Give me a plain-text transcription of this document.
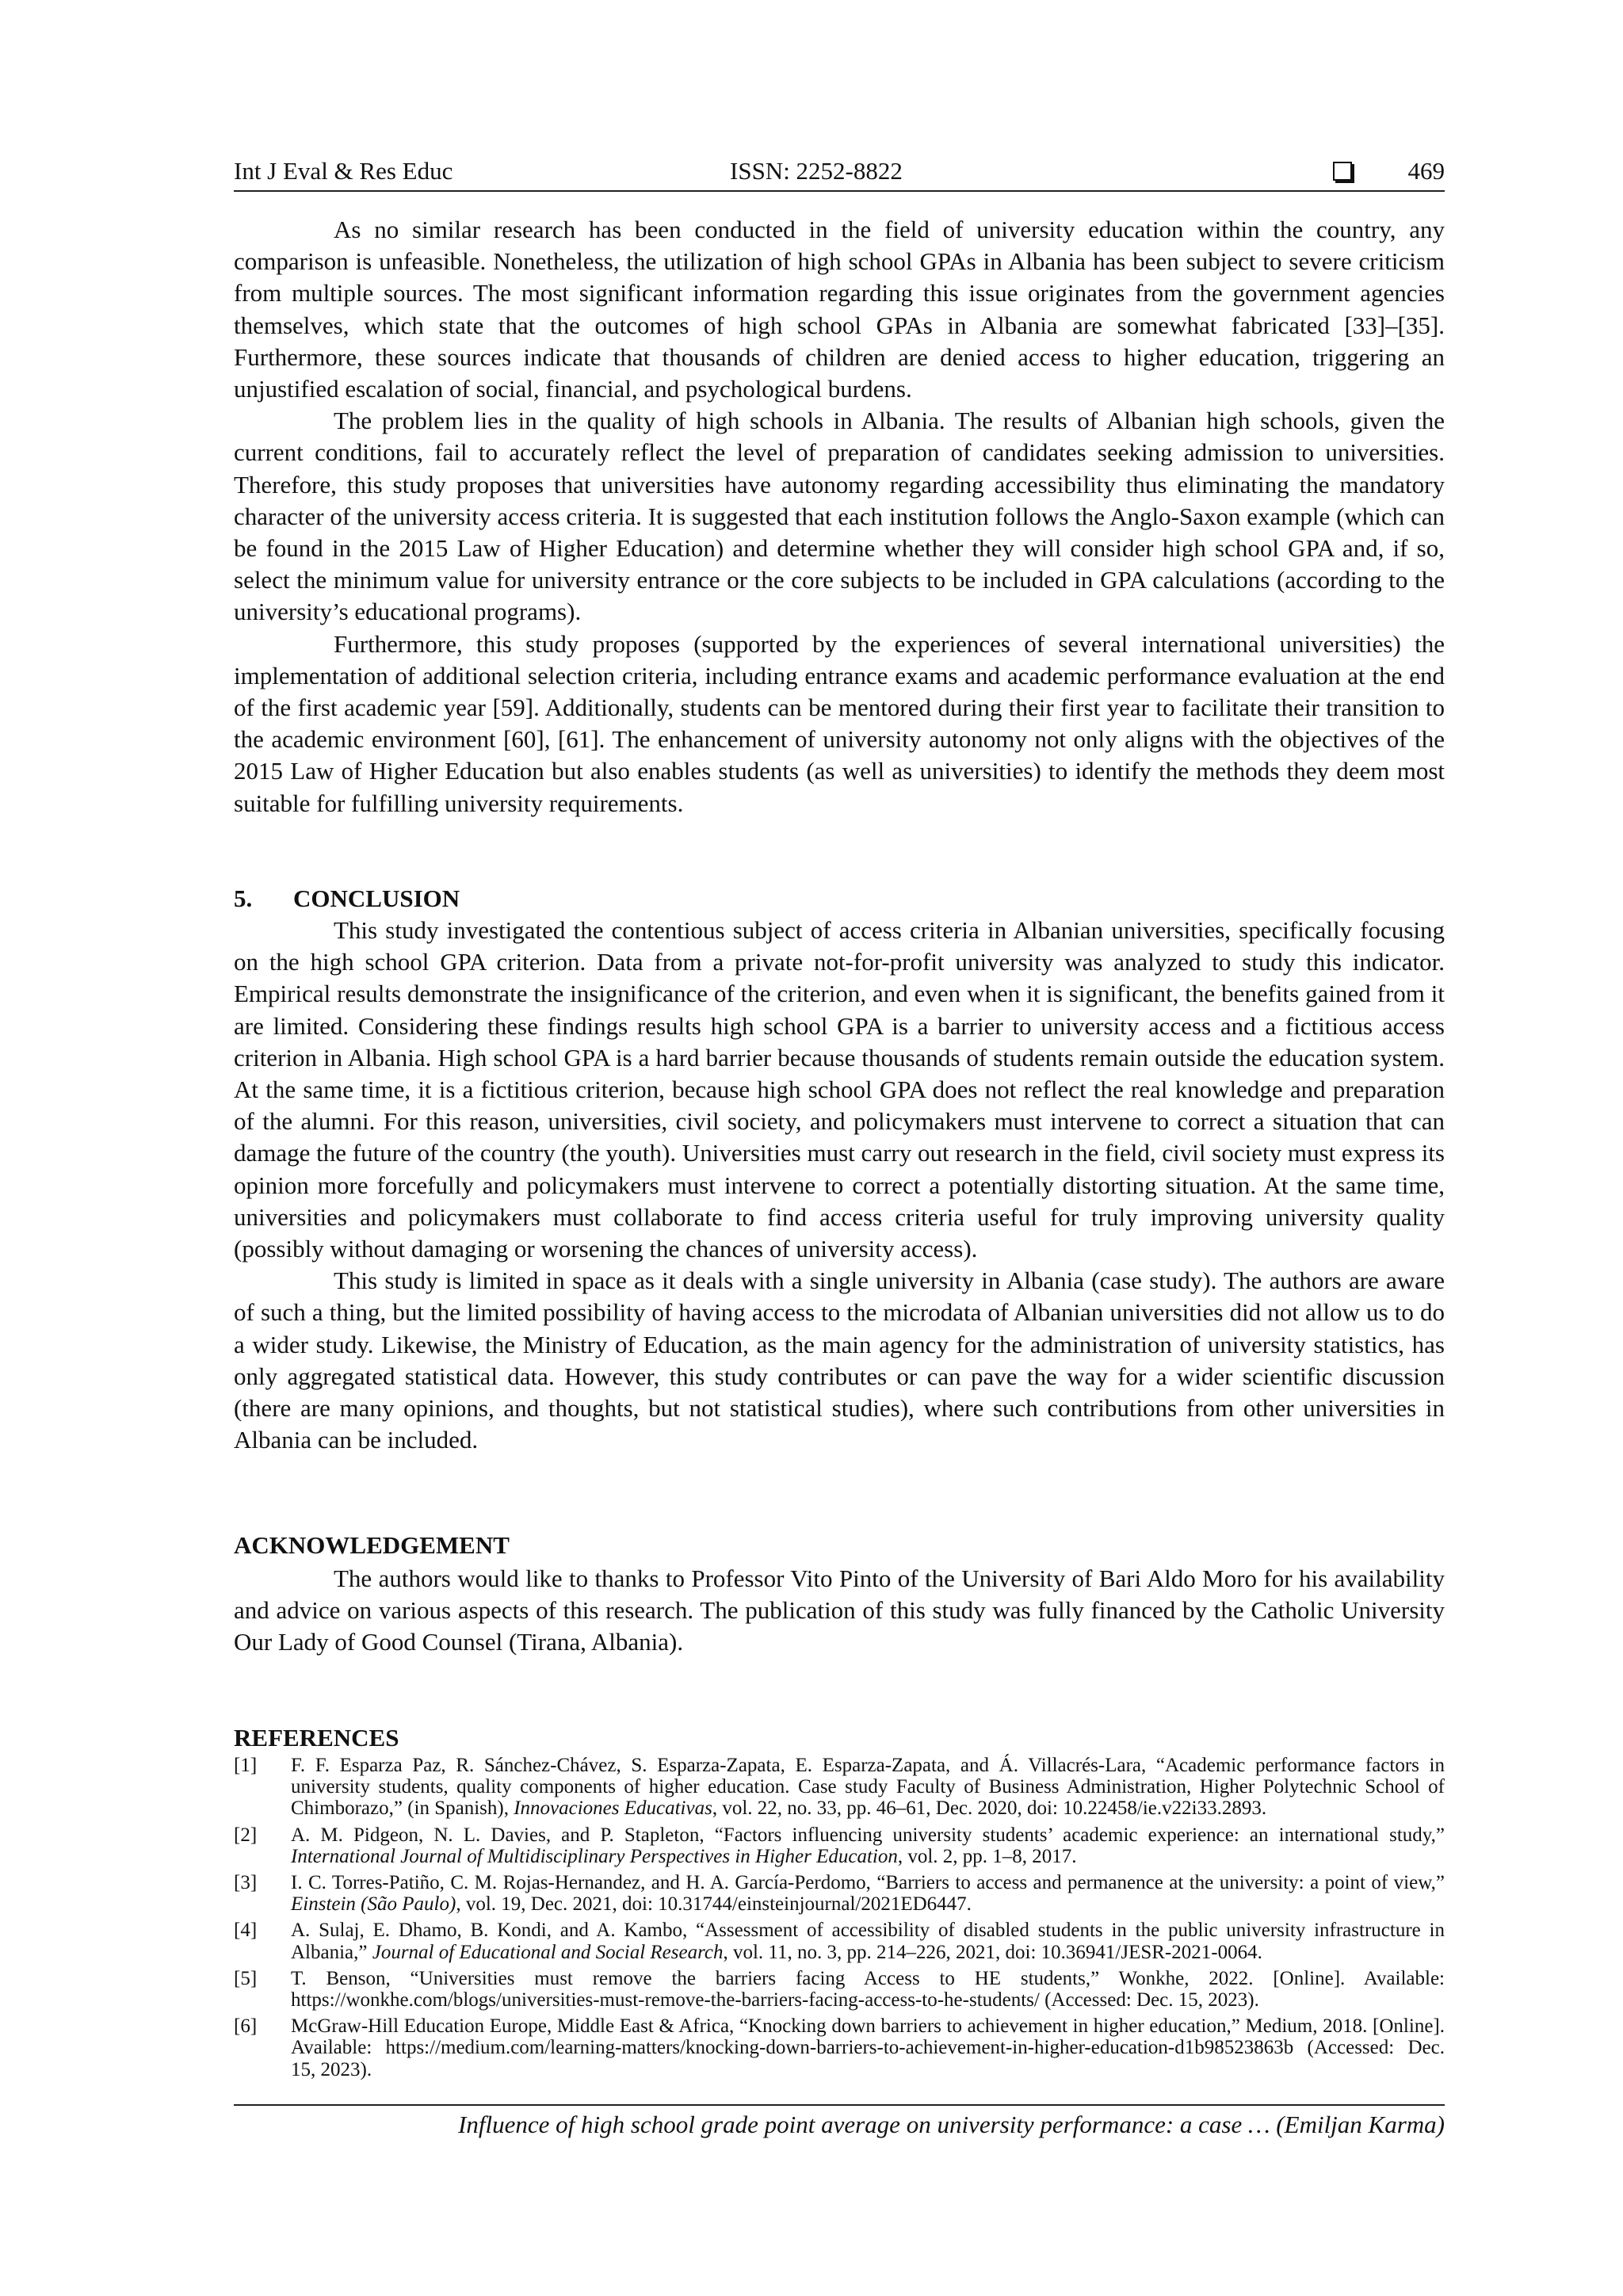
Int J Eval & Res Educ	ISSN: 2252-8822	469

As no similar research has been conducted in the field of university education within the country, any comparison is unfeasible. Nonetheless, the utilization of high school GPAs in Albania has been subject to severe criticism from multiple sources. The most significant information regarding this issue originates from the government agencies themselves, which state that the outcomes of high school GPAs in Albania are somewhat fabricated [33]‒[35]. Furthermore, these sources indicate that thousands of children are denied access to higher education, triggering an unjustified escalation of social, financial, and psychological burdens.

The problem lies in the quality of high schools in Albania. The results of Albanian high schools, given the current conditions, fail to accurately reflect the level of preparation of candidates seeking admission to universities. Therefore, this study proposes that universities have autonomy regarding accessibility thus eliminating the mandatory character of the university access criteria. It is suggested that each institution follows the Anglo-Saxon example (which can be found in the 2015 Law of Higher Education) and determine whether they will consider high school GPA and, if so, select the minimum value for university entrance or the core subjects to be included in GPA calculations (according to the university’s educational programs).

Furthermore, this study proposes (supported by the experiences of several international universities) the implementation of additional selection criteria, including entrance exams and academic performance evaluation at the end of the first academic year [59]. Additionally, students can be mentored during their first year to facilitate their transition to the academic environment [60], [61]. The enhancement of university autonomy not only aligns with the objectives of the 2015 Law of Higher Education but also enables students (as well as universities) to identify the methods they deem most suitable for fulfilling university requirements.

5. CONCLUSION

This study investigated the contentious subject of access criteria in Albanian universities, specifically focusing on the high school GPA criterion. Data from a private not-for-profit university was analyzed to study this indicator. Empirical results demonstrate the insignificance of the criterion, and even when it is significant, the benefits gained from it are limited. Considering these findings results high school GPA is a barrier to university access and a fictitious access criterion in Albania. High school GPA is a hard barrier because thousands of students remain outside the education system. At the same time, it is a fictitious criterion, because high school GPA does not reflect the real knowledge and preparation of the alumni. For this reason, universities, civil society, and policymakers must intervene to correct a situation that can damage the future of the country (the youth). Universities must carry out research in the field, civil society must express its opinion more forcefully and policymakers must intervene to correct a potentially distorting situation. At the same time, universities and policymakers must collaborate to find access criteria useful for truly improving university quality (possibly without damaging or worsening the chances of university access).

This study is limited in space as it deals with a single university in Albania (case study). The authors are aware of such a thing, but the limited possibility of having access to the microdata of Albanian universities did not allow us to do a wider study. Likewise, the Ministry of Education, as the main agency for the administration of university statistics, has only aggregated statistical data. However, this study contributes or can pave the way for a wider scientific discussion (there are many opinions, and thoughts, but not statistical studies), where such contributions from other universities in Albania can be included.

ACKNOWLEDGEMENT

The authors would like to thanks to Professor Vito Pinto of the University of Bari Aldo Moro for his availability and advice on various aspects of this research. The publication of this study was fully financed by the Catholic University Our Lady of Good Counsel (Tirana, Albania).

REFERENCES
[1]	F. F. Esparza Paz, R. Sánchez-Chávez, S. Esparza-Zapata, E. Esparza-Zapata, and Á. Villacrés-Lara, “Academic performance factors in university students, quality components of higher education. Case study Faculty of Business Administration, Higher Polytechnic School of Chimborazo,” (in Spanish), Innovaciones Educativas, vol. 22, no. 33, pp. 46–61, Dec. 2020, doi: 10.22458/ie.v22i33.2893.
[2]	A. M. Pidgeon, N. L. Davies, and P. Stapleton, “Factors influencing university students’ academic experience: an international study,” International Journal of Multidisciplinary Perspectives in Higher Education, vol. 2, pp. 1–8, 2017.
[3]	I. C. Torres-Patiño, C. M. Rojas-Hernandez, and H. A. García-Perdomo, “Barriers to access and permanence at the university: a point of view,” Einstein (São Paulo), vol. 19, Dec. 2021, doi: 10.31744/einsteinjournal/2021ED6447.
[4]	A. Sulaj, E. Dhamo, B. Kondi, and A. Kambo, “Assessment of accessibility of disabled students in the public university infrastructure in Albania,” Journal of Educational and Social Research, vol. 11, no. 3, pp. 214–226, 2021, doi: 10.36941/JESR-2021-0064.
[5]	T. Benson, “Universities must remove the barriers facing Access to HE students,” Wonkhe, 2022. [Online]. Available: https://wonkhe.com/blogs/universities-must-remove-the-barriers-facing-access-to-he-students/ (Accessed: Dec. 15, 2023).
[6]	McGraw-Hill Education Europe, Middle East & Africa, “Knocking down barriers to achievement in higher education,” Medium, 2018. [Online]. Available: https://medium.com/learning-matters/knocking-down-barriers-to-achievement-in-higher-education-d1b98523863b (Accessed: Dec. 15, 2023).
Influence of high school grade point average on university performance: a case … (Emiljan Karma)
